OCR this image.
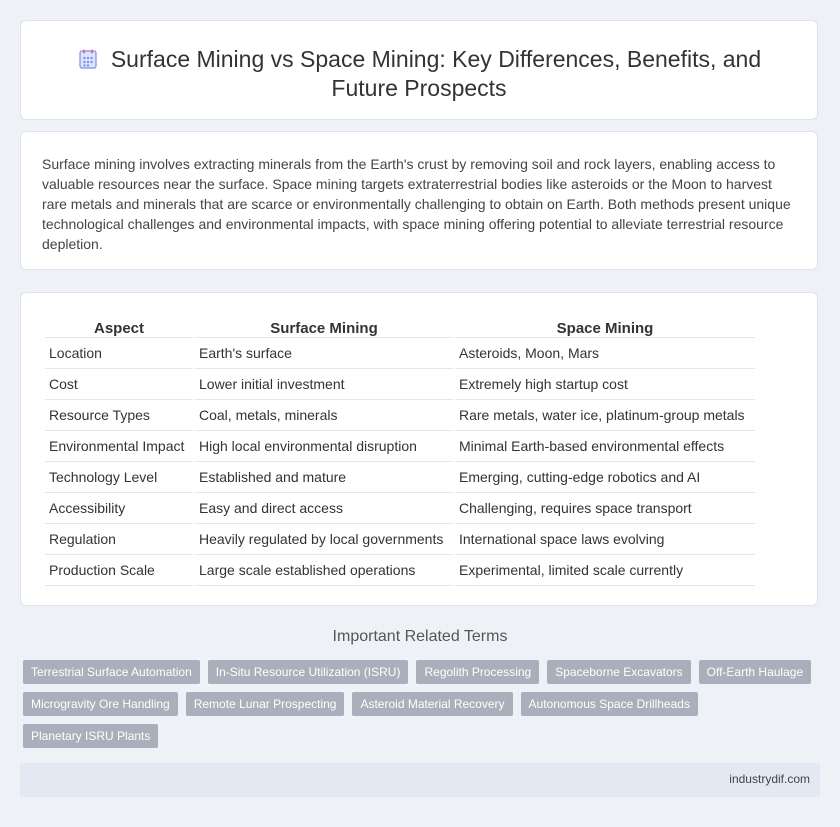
Surface Mining vs Space Mining: Key Differences, Benefits, and
Future Prospects
Surface mining involves extracting minerals from the Earth's crust by removing soil and rock layers, enabling access to valuable resources near the surface. Space mining targets extraterrestrial bodies like asteroids or the Moon to harvest rare metals and minerals that are scarce or environmentally challenging to obtain on Earth. Both methods present unique technological challenges and environmental impacts, with space mining offering potential to alleviate terrestrial resource depletion.
Aspect	Surface Mining	Space Mining
Location	Earth's surface	Asteroids, Moon, Mars
Cost	Lower initial investment	Extremely high startup cost
Resource Types	Coal, metals, minerals	Rare metals, water ice, platinum-group metals
Environmental Impact	High local environmental disruption	Minimal Earth-based environmental effects
Technology Level	Established and mature	Emerging, cutting-edge robotics and AI
Accessibility	Easy and direct access	Challenging, requires space transport
Regulation	Heavily regulated by local governments	International space laws evolving
Production Scale	Large scale established operations	Experimental, limited scale currently
Important Related Terms
Terrestrial Surface Automation	In-Situ Resource Utilization (ISRU)	Regolith Processing	Spaceborne Excavators	Off-Earth Haulage
Microgravity Ore Handling	Remote Lunar Prospecting	Asteroid Material Recovery	Autonomous Space Drillheads
Planetary ISRU Plants
industrydif.com
